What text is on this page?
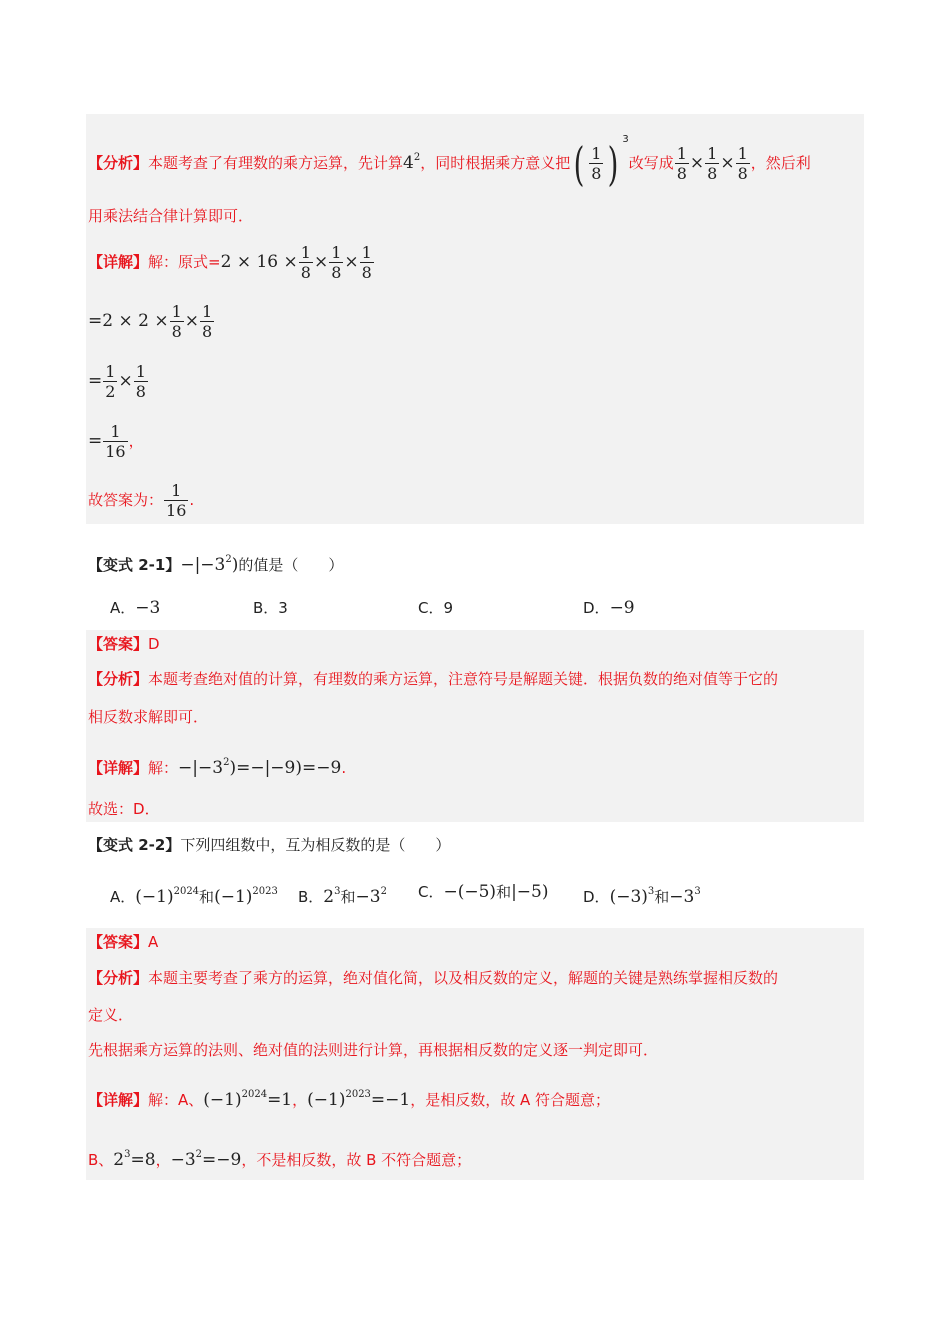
【分析】本题考查了有理数的乘方运算，先计算$4^2$，同时根据乘方意义把( $\frac{1}{8}$ ) $^3$改写成 $\frac{1}{8} \times \frac{1}{8} \times \frac{1}{8}$ ，然后利
用乘法结合律计算即可．
【详解】解：原式$=2 \times 16 \times \frac{1}{8} \times \frac{1}{8} \times \frac{1}{8}$
$=2 \times 2 \times \frac{1}{8} \times \frac{1}{8}$
= $\frac{1}{2} \times \frac{1}{8}$
= $\frac{1}{16}$ ，
故答案为： $\frac{1}{16}$ .
【变式 2-1】$-|-3^2$)的值是（　　）
A．−3	B．3	C．9	D．−9
【答案】D
【分析】本题考查绝对值的计算，有理数的乘方运算，注意符号是解题关键．根据负数的绝对值等于它的
相反数求解即可．
【详解】解：$-|-3^2)=-|-9)=-9$.
故选：D．
【变式 2-2】下列四组数中，互为相反数的是（　　）
A．$(-1)^{2024}$和$(-1)^{2023}$ B．$2^3$和$-3^2$ C．−(−5)和|−5) D．$(-3)^3$和$-3^3$
【答案】A
【分析】本题主要考查了乘方的运算，绝对值化简，以及相反数的定义，解题的关键是熟练掌握相反数的
定义．
先根据乘方运算的法则、绝对值的法则进行计算，再根据相反数的定义逐一判定即可．
【详解】解：A、$(-1)^{2024}=1$，$(-1)^{2023}=-1$，是相反数，故 A 符合题意；
B、$2^3=8$，$-3^2=-9$，不是相反数，故 B 不符合题意；
